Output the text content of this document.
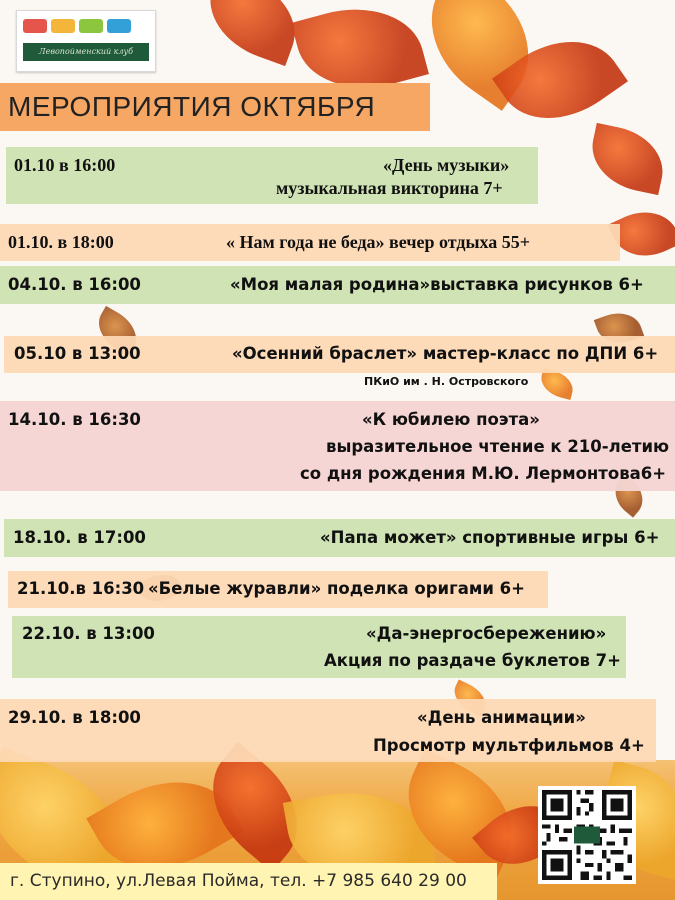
Левопойменский клуб
МЕРОПРИЯТИЯ ОКТЯБРЯ
01.10 в 16:00	«День музыки»
музыкальная викторина 7+
01.10. в 18:00	« Нам года не беда» вечер отдыха 55+
04.10. в 16:00	«Моя малая родина»выставка рисунков 6+
05.10 в 13:00	«Осенний браслет» мастер-класс по ДПИ 6+
ПКиО им . Н. Островского
14.10. в 16:30	«К юбилею поэта»
выразительное чтение к 210-летию
со дня рождения М.Ю. Лермонтова6+
18.10. в 17:00	«Папа может» спортивные игры 6+
21.10.в 16:30 «Белые журавли» поделка оригами 6+
22.10. в 13:00	«Да-энергосбережению»
Акция по раздаче буклетов 7+
29.10. в 18:00	«День анимации»
Просмотр мультфильмов 4+
г. Ступино, ул.Левая Пойма, тел. +7 985 640 29 00
